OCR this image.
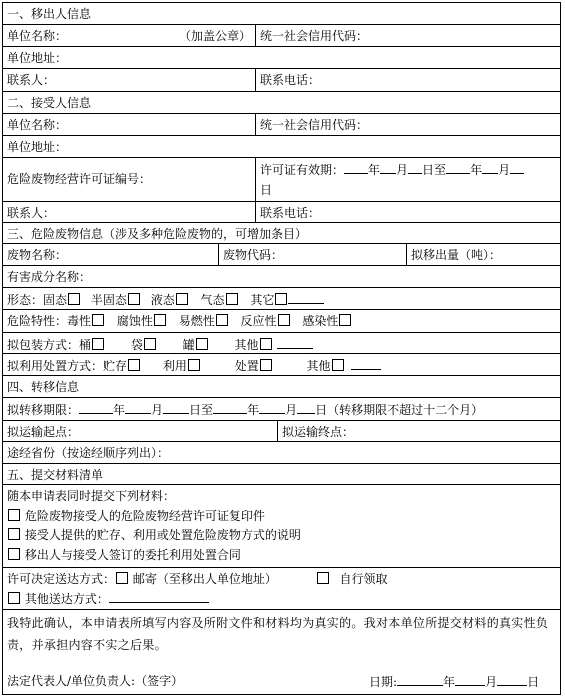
一、移出人信息
单位名称：	（加盖公章） 统一社会信用代码：
单位地址：
联系人：	联系电话：
二、接受人信息
单位名称：	统一社会信用代码：
单位地址：
危险废物经营许可证编号：
许可证有效期： 年 月 日至 年 月
日
联系人：	联系电话：
三、危险废物信息（涉及多种危险废物的，可增加条目）
废物名称：	废物代码：	拟移出量（吨）：
有害成分名称：
形态：固态 半固态 液态 气态 其它
危险特性：毒性 腐蚀性 易燃性 反应性 感染性
拟包装方式：桶	袋	罐	其他
拟利用处置方式：贮存	利用	处置	其他
四、转移信息
拟转移期限：	年 月 日至	年 月 日（转移期限不超过十二个月）
拟运输起点：	拟运输终点：
途经省份（按途经顺序列出）：
五、提交材料清单
随本申请表同时提交下列材料：
危险废物接受人的危险废物经营许可证复印件
接受人提供的贮存、利用或处置危险废物方式的说明
移出人与接受人签订的委托利用处置合同
许可决定送达方式： 邮寄（至移出人单位地址）	自行领取
其他送达方式：
我特此确认，本申请表所填写内容及所附文件和材料均为真实的。我对本单位所提交材料的真实性负责，并承担内容不实之后果。
法定代表人/单位负责人:（签字）	日期:	年	月	日
